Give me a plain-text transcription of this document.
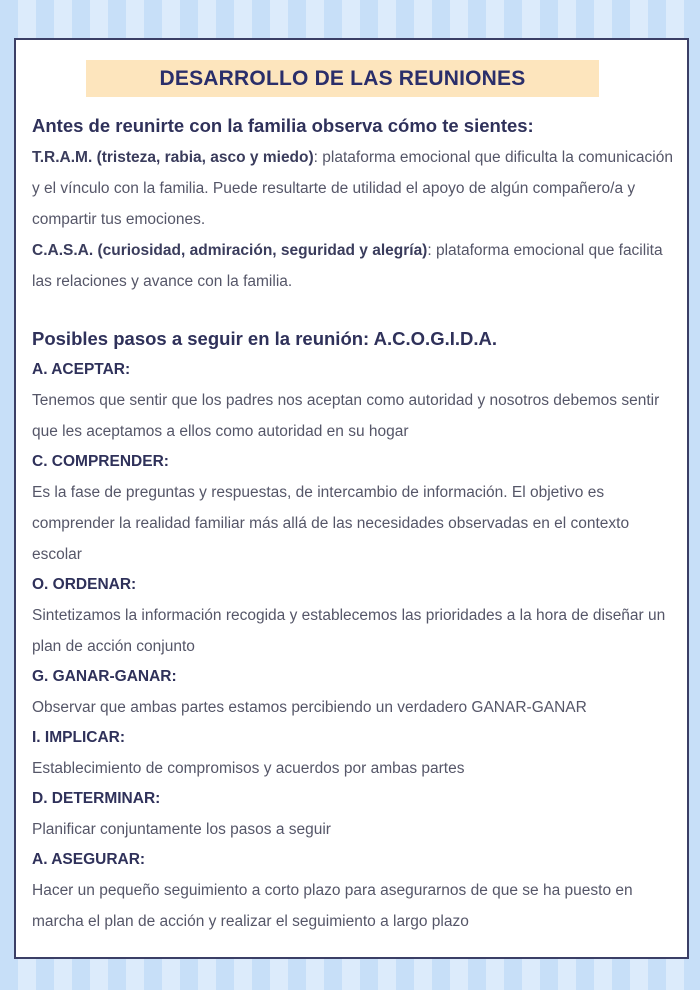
DESARROLLO DE LAS REUNIONES
Antes de reunirte con la familia observa cómo te sientes:

T.R.A.M. (tristeza, rabia, asco y miedo): plataforma emocional que dificulta la comunicación y el vínculo con la familia. Puede resultarte de utilidad el apoyo de algún compañero/a y compartir tus emociones.

C.A.S.A. (curiosidad, admiración, seguridad y alegría): plataforma emocional que facilita las relaciones y avance con la familia.

Posibles pasos a seguir en la reunión: A.C.O.G.I.D.A.
A. ACEPTAR:
Tenemos que sentir que los padres nos aceptan como autoridad y nosotros debemos sentir que les aceptamos a ellos como autoridad en su hogar
C. COMPRENDER:
Es la fase de preguntas y respuestas, de intercambio de información. El objetivo es comprender la realidad familiar más allá de las necesidades observadas en el contexto escolar
O. ORDENAR:
Sintetizamos la información recogida y establecemos las prioridades a la hora de diseñar un plan de acción conjunto
G. GANAR-GANAR:
Observar que ambas partes estamos percibiendo un verdadero GANAR-GANAR
I. IMPLICAR:
Establecimiento de compromisos y acuerdos por ambas partes
D. DETERMINAR:
Planificar conjuntamente los pasos a seguir
A. ASEGURAR:
Hacer un pequeño seguimiento a corto plazo para asegurarnos de que se ha puesto en marcha el plan de acción y realizar el seguimiento a largo plazo
